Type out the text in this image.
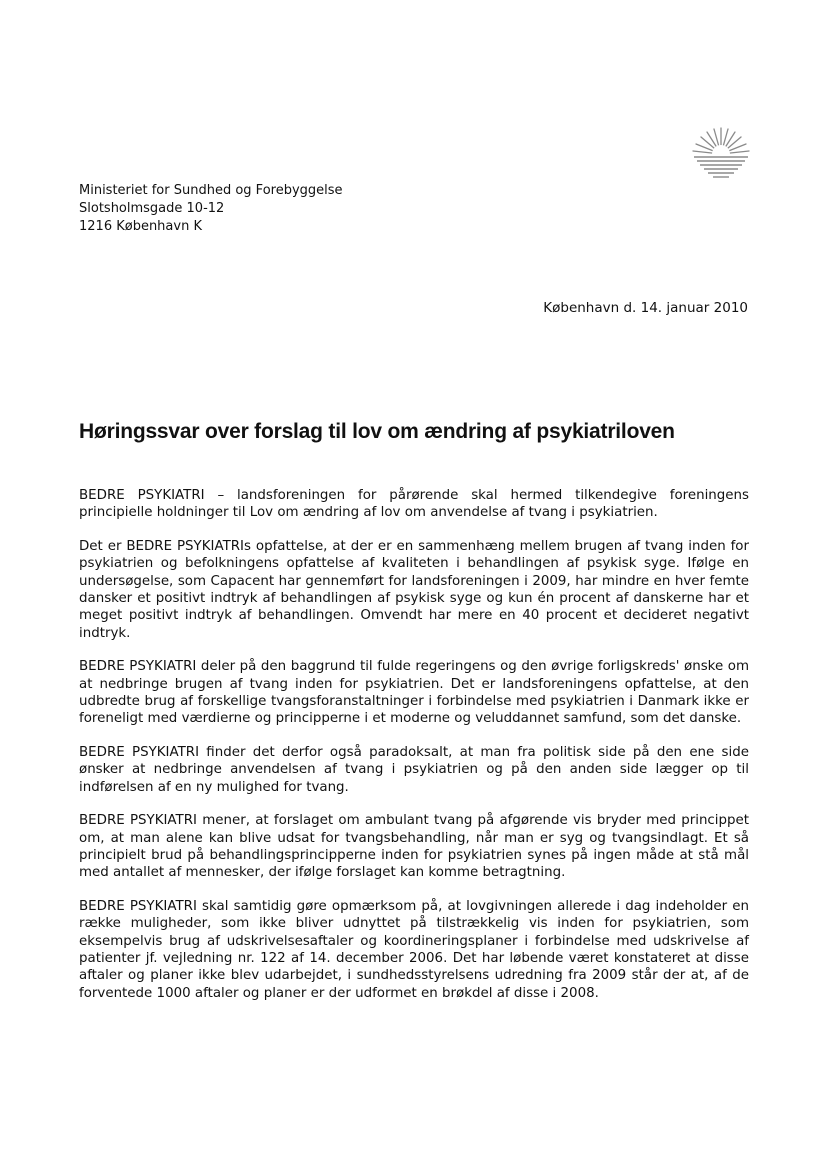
Ministeriet for Sundhed og Forebyggelse
Slotsholmsgade 10-12
1216 København K
København d. 14. januar 2010
Høringssvar over forslag til lov om ændring af psykiatriloven

BEDRE PSYKIATRI – landsforeningen for pårørende skal hermed tilkendegive foreningens principielle holdninger til Lov om ændring af lov om anvendelse af tvang i psykiatrien.

Det er BEDRE PSYKIATRIs opfattelse, at der er en sammenhæng mellem brugen af tvang inden for psykiatrien og befolkningens opfattelse af kvaliteten i behandlingen af psykisk syge. Ifølge en undersøgelse, som Capacent har gennemført for landsforeningen i 2009, har mindre en hver femte dansker et positivt indtryk af behandlingen af psykisk syge og kun én procent af danskerne har et meget positivt indtryk af behandlingen. Omvendt har mere en 40 procent et decideret negativt indtryk.

BEDRE PSYKIATRI deler på den baggrund til fulde regeringens og den øvrige forligskreds' ønske om at nedbringe brugen af tvang inden for psykiatrien. Det er landsforeningens opfattelse, at den udbredte brug af forskellige tvangsforanstaltninger i forbindelse med psykiatrien i Danmark ikke er foreneligt med værdierne og principperne i et moderne og veluddannet samfund, som det danske.

BEDRE PSYKIATRI finder det derfor også paradoksalt, at man fra politisk side på den ene side ønsker at nedbringe anvendelsen af tvang i psykiatrien og på den anden side lægger op til indførelsen af en ny mulighed for tvang.

BEDRE PSYKIATRI mener, at forslaget om ambulant tvang på afgørende vis bryder med princippet om, at man alene kan blive udsat for tvangsbehandling, når man er syg og tvangsindlagt. Et så principielt brud på behandlingsprincipperne inden for psykiatrien synes på ingen måde at stå mål med antallet af mennesker, der ifølge forslaget kan komme betragtning.

BEDRE PSYKIATRI skal samtidig gøre opmærksom på, at lovgivningen allerede i dag indeholder en række muligheder, som ikke bliver udnyttet på tilstrækkelig vis inden for psykiatrien, som eksempelvis brug af udskrivelsesaftaler og koordineringsplaner i forbindelse med udskrivelse af patienter jf. vejledning nr. 122 af 14. december 2006. Det har løbende været konstateret at disse aftaler og planer ikke blev udarbejdet, i sundhedsstyrelsens udredning fra 2009 står der at, af de forventede 1000 aftaler og planer er der udformet en brøkdel af disse i 2008.
